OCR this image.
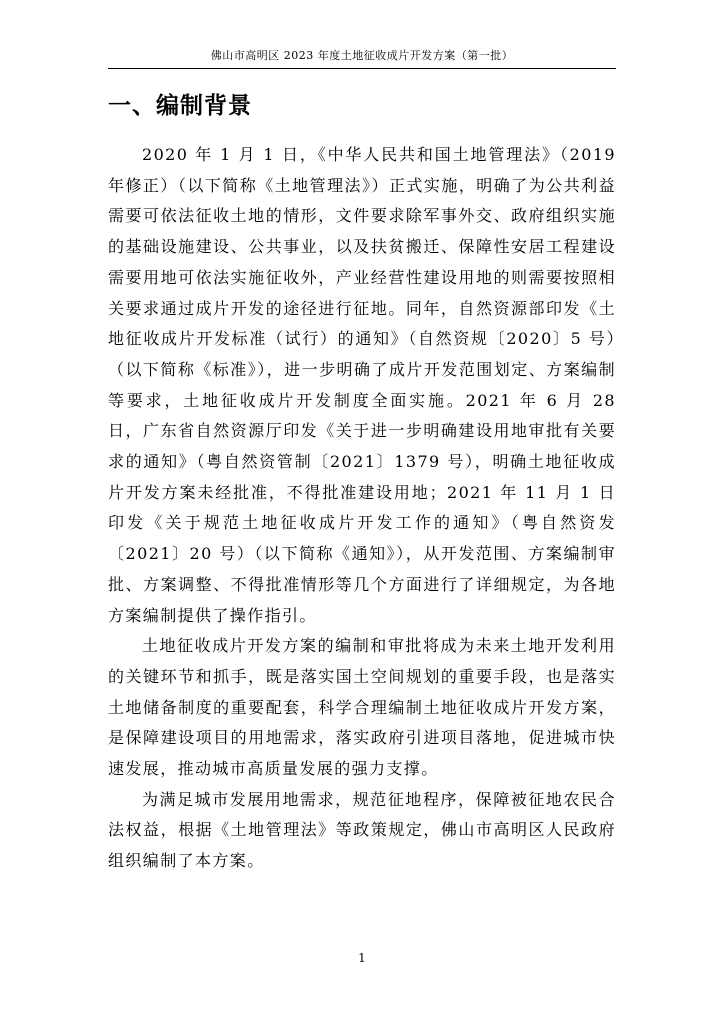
佛山市高明区 2023 年度土地征收成片开发方案（第一批）
一、编制背景

2020 年 1 月 1 日，《中华人民共和国土地管理法》（2019 年修正）（以下简称《土地管理法》）正式实施，明确了为公共利益需要可依法征收土地的情形，文件要求除军事外交、政府组织实施的基础设施建设、公共事业，以及扶贫搬迁、保障性安居工程建设需要用地可依法实施征收外，产业经营性建设用地的则需要按照相关要求通过成片开发的途径进行征地。同年，自然资源部印发《土地征收成片开发标准（试行）的通知》（自然资规〔2020〕5 号）（以下简称《标准》），进一步明确了成片开发范围划定、方案编制等要求，土地征收成片开发制度全面实施。2021 年 6 月 28 日，广东省自然资源厅印发《关于进一步明确建设用地审批有关要求的通知》（粤自然资管制〔2021〕1379 号），明确土地征收成片开发方案未经批准，不得批准建设用地；2021 年 11 月 1 日印发《关于规范土地征收成片开发工作的通知》（粤自然资发〔2021〕20 号）（以下简称《通知》），从开发范围、方案编制审批、方案调整、不得批准情形等几个方面进行了详细规定，为各地方案编制提供了操作指引。

土地征收成片开发方案的编制和审批将成为未来土地开发利用的关键环节和抓手，既是落实国土空间规划的重要手段，也是落实土地储备制度的重要配套，科学合理编制土地征收成片开发方案，是保障建设项目的用地需求，落实政府引进项目落地，促进城市快速发展，推动城市高质量发展的强力支撑。

为满足城市发展用地需求，规范征地程序，保障被征地农民合法权益，根据《土地管理法》等政策规定，佛山市高明区人民政府组织编制了本方案。

1
